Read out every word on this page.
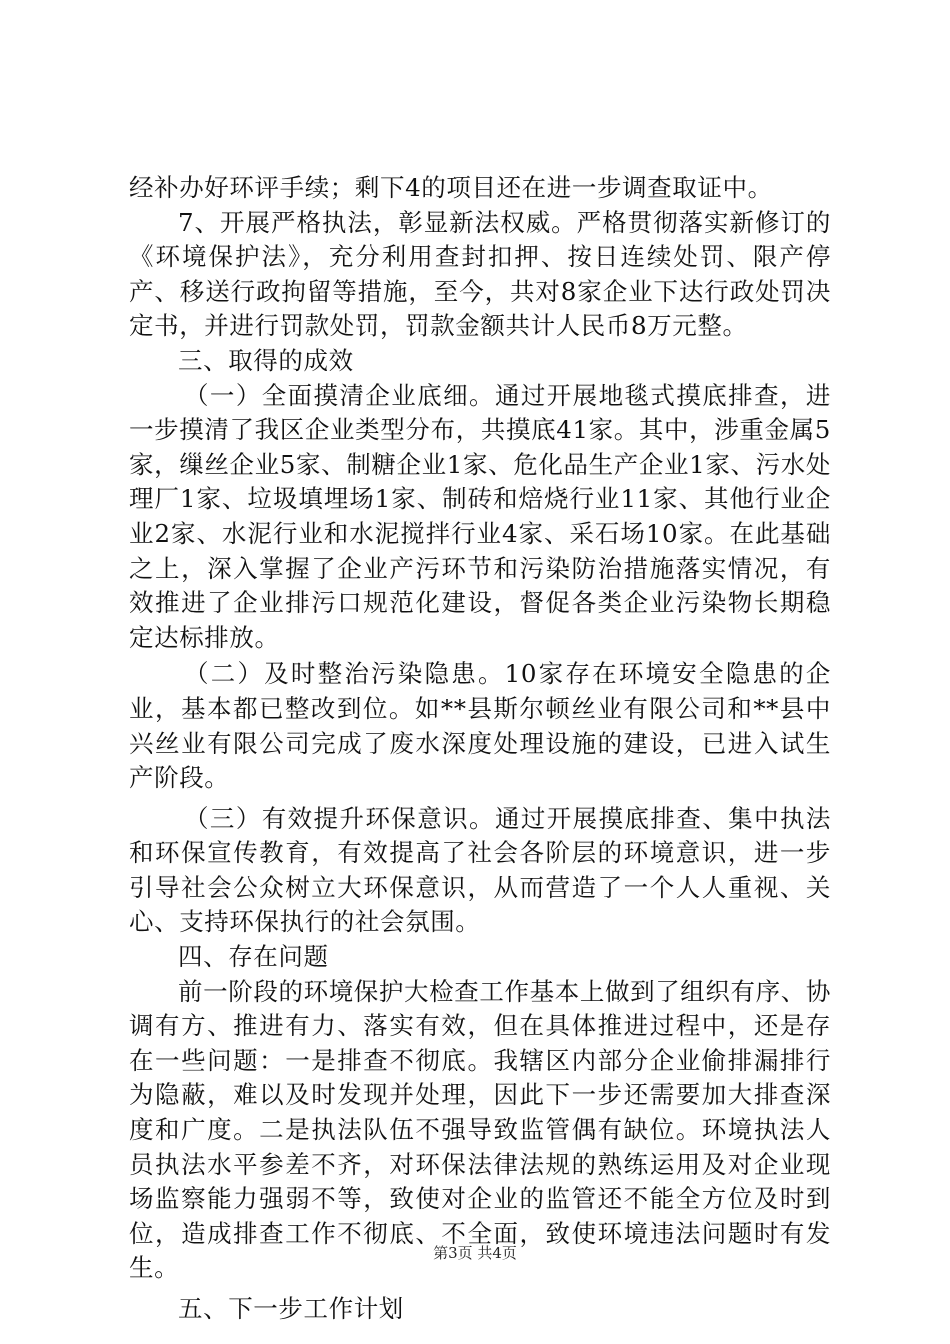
经补办好环评手续；剩下4的项目还在进一步调查取证中。

7、开展严格执法，彰显新法权威。严格贯彻落实新修订的《环境保护法》，充分利用查封扣押、按日连续处罚、限产停产、移送行政拘留等措施，至今，共对8家企业下达行政处罚决定书，并进行罚款处罚，罚款金额共计人民币8万元整。

三、取得的成效

（一）全面摸清企业底细。通过开展地毯式摸底排查，进一步摸清了我区企业类型分布，共摸底41家。其中，涉重金属5家，缫丝企业5家、制糖企业1家、危化品生产企业1家、污水处理厂1家、垃圾填埋场1家、制砖和焙烧行业11家、其他行业企业2家、水泥行业和水泥搅拌行业4家、采石场10家。在此基础之上，深入掌握了企业产污环节和污染防治措施落实情况，有效推进了企业排污口规范化建设，督促各类企业污染物长期稳定达标排放。

（二）及时整治污染隐患。10家存在环境安全隐患的企业，基本都已整改到位。如**县斯尔顿丝业有限公司和**县中兴丝业有限公司完成了废水深度处理设施的建设，已进入试生产阶段。

（三）有效提升环保意识。通过开展摸底排查、集中执法和环保宣传教育，有效提高了社会各阶层的环境意识，进一步引导社会公众树立大环保意识，从而营造了一个人人重视、关心、支持环保执行的社会氛围。

四、存在问题

前一阶段的环境保护大检查工作基本上做到了组织有序、协调有方、推进有力、落实有效，但在具体推进过程中，还是存在一些问题：一是排查不彻底。我辖区内部分企业偷排漏排行为隐蔽，难以及时发现并处理，因此下一步还需要加大排查深度和广度。二是执法队伍不强导致监管偶有缺位。环境执法人员执法水平参差不齐，对环保法律法规的熟练运用及对企业现场监察能力强弱不等，致使对企业的监管还不能全方位及时到位，造成排查工作不彻底、不全面，致使环境违法问题时有发生。

五、下一步工作计划

第3页 共4页
